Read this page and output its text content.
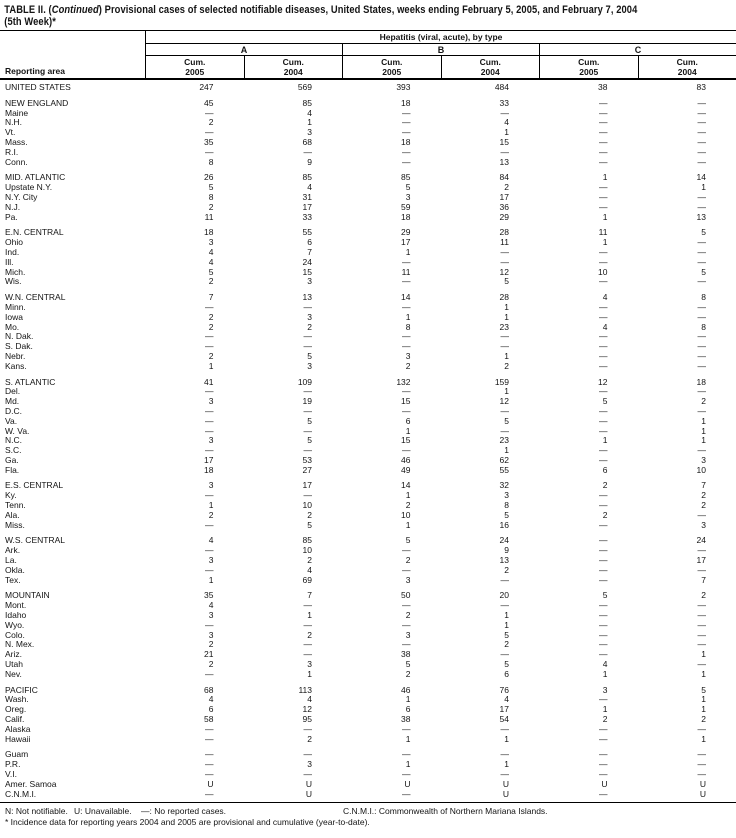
TABLE II. (Continued) Provisional cases of selected notifiable diseases, United States, weeks ending February 5, 2005, and February 7, 2004
(5th Week)*
Reporting area
Hepatitis (viral, acute), by type
A	B	C
Cum.
2005
Cum.
2004
Cum.
2005
Cum.
2004
Cum.
2005
Cum.
2004
UNITED STATES	247	569	393	484	38	83
NEW ENGLAND	45	85	18	33	—	—
Maine	—	4	—	—	—	—
N.H.	2	1	—	4	—	—
Vt.	—	3	—	1	—	—
Mass.	35	68	18	15	—	—
R.I.	—	—	—	—	—	—
Conn.	8	9	—	13	—	—
MID. ATLANTIC	26	85	85	84	1	14
Upstate N.Y.	5	4	5	2	—	1
N.Y. City	8	31	3	17	—	—
N.J.	2	17	59	36	—	—
Pa.	11	33	18	29	1	13
E.N. CENTRAL	18	55	29	28	11	5
Ohio	3	6	17	11	1	—
Ind.	4	7	1	—	—	—
Ill.	4	24	—	—	—	—
Mich.	5	15	11	12	10	5
Wis.	2	3	—	5	—	—
W.N. CENTRAL	7	13	14	28	4	8
Minn.	—	—	—	1	—	—
Iowa	2	3	1	1	—	—
Mo.	2	2	8	23	4	8
N. Dak.	—	—	—	—	—	—
S. Dak.	—	—	—	—	—	—
Nebr.	2	5	3	1	—	—
Kans.	1	3	2	2	—	—
S. ATLANTIC	41	109	132	159	12	18
Del.	—	—	—	1	—	—
Md.	3	19	15	12	5	2
D.C.	—	—	—	—	—	—
Va.	—	5	6	5	—	1
W. Va.	—	—	1	—	—	1
N.C.	3	5	15	23	1	1
S.C.	—	—	—	1	—	—
Ga.	17	53	46	62	—	3
Fla.	18	27	49	55	6	10
E.S. CENTRAL	3	17	14	32	2	7
Ky.	—	—	1	3	—	2
Tenn.	1	10	2	8	—	2
Ala.	2	2	10	5	2	—
Miss.	—	5	1	16	—	3
W.S. CENTRAL	4	85	5	24	—	24
Ark.	—	10	—	9	—	—
La.	3	2	2	13	—	17
Okla.	—	4	—	2	—	—
Tex.	1	69	3	—	—	7
MOUNTAIN	35	7	50	20	5	2
Mont.	4	—	—	—	—	—
Idaho	3	1	2	1	—	—
Wyo.	—	—	—	1	—	—
Colo.	3	2	3	5	—	—
N. Mex.	2	—	—	2	—	—
Ariz.	21	—	38	—	—	1
Utah	2	3	5	5	4	—
Nev.	—	1	2	6	1	1
PACIFIC	68	113	46	76	3	5
Wash.	4	4	1	4	—	1
Oreg.	6	12	6	17	1	1
Calif.	58	95	38	54	2	2
Alaska	—	—	—	—	—	—
Hawaii	—	2	1	1	—	1
Guam	—	—	—	—	—	—
P.R.	—	3	1	1	—	—
V.I.	—	—	—	—	—	—
Amer. Samoa	U	U	U	U	U	U
C.N.M.I.	—	U	—	U	—	U
N: Not notifiable. U: Unavailable.	—: No reported cases.	C.N.M.I.: Commonwealth of Northern Mariana Islands.
* Incidence data for reporting years 2004 and 2005 are provisional and cumulative (year-to-date).
